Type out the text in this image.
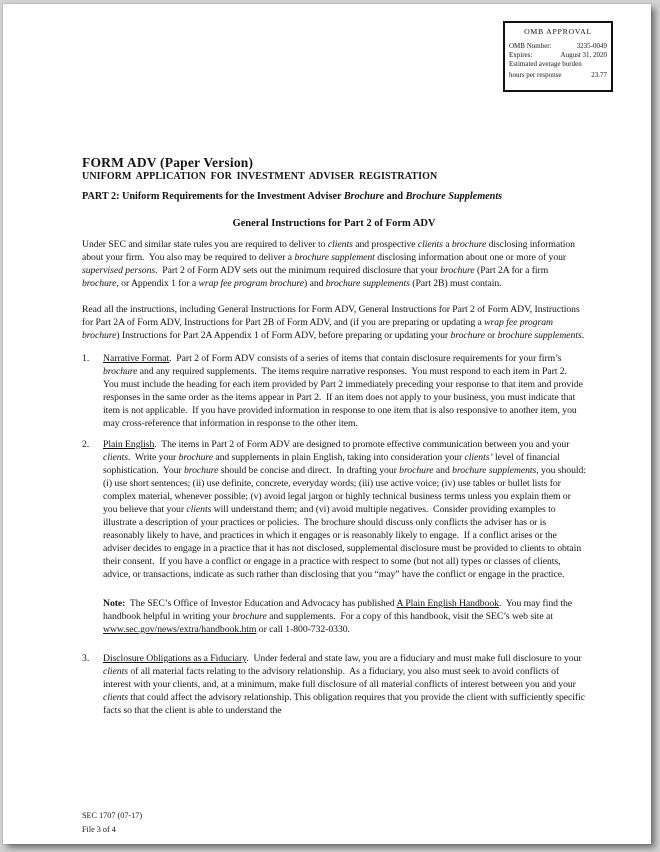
OMB APPROVAL
OMB Number:	3235-0049
Expires:	August 31, 2020
Estimated average burden
hours per response	23.77
FORM ADV (Paper Version)
UNIFORM APPLICATION FOR INVESTMENT ADVISER REGISTRATION
PART 2: Uniform Requirements for the Investment Adviser Brochure and Brochure Supplements
General Instructions for Part 2 of Form ADV
Under SEC and similar state rules you are required to deliver to clients and prospective clients a brochure disclosing information about your firm.  You also may be required to deliver a brochure supplement disclosing information about one or more of your supervised persons.  Part 2 of Form ADV sets out the minimum required disclosure that your brochure (Part 2A for a firm brochure, or Appendix 1 for a wrap fee program brochure) and brochure supplements (Part 2B) must contain.
Read all the instructions, including General Instructions for Form ADV, General Instructions for Part 2 of Form ADV, Instructions for Part 2A of Form ADV, Instructions for Part 2B of Form ADV, and (if you are preparing or updating a wrap fee program brochure) Instructions for Part 2A Appendix 1 of Form ADV, before preparing or updating your brochure or brochure supplements.
1.	Narrative Format.  Part 2 of Form ADV consists of a series of items that contain disclosure requirements for your firm’s brochure and any required supplements.  The items require narrative responses.  You must respond to each item in Part 2.  You must include the heading for each item provided by Part 2 immediately preceding your response to that item and provide responses in the same order as the items appear in Part 2.  If an item does not apply to your business, you must indicate that item is not applicable.  If you have provided information in response to one item that is also responsive to another item, you may cross-reference that information in response to the other item.
2.	Plain English.  The items in Part 2 of Form ADV are designed to promote effective communication between you and your clients.  Write your brochure and supplements in plain English, taking into consideration your clients’ level of financial sophistication.  Your brochure should be concise and direct.  In drafting your brochure and brochure supplements, you should: (i) use short sentences; (ii) use definite, concrete, everyday words; (iii) use active voice; (iv) use tables or bullet lists for complex material, whenever possible; (v) avoid legal jargon or highly technical business terms unless you explain them or you believe that your clients will understand them; and (vi) avoid multiple negatives.  Consider providing examples to illustrate a description of your practices or policies.  The brochure should discuss only conflicts the adviser has or is reasonably likely to have, and practices in which it engages or is reasonably likely to engage.  If a conflict arises or the adviser decides to engage in a practice that it has not disclosed, supplemental disclosure must be provided to clients to obtain their consent.  If you have a conflict or engage in a practice with respect to some (but not all) types or classes of clients, advice, or transactions, indicate as such rather than disclosing that you “may” have the conflict or engage in the practice.
Note:  The SEC’s Office of Investor Education and Advocacy has published A Plain English Handbook.  You may find the handbook helpful in writing your brochure and supplements.  For a copy of this handbook, visit the SEC’s web site at www.sec.gov/news/extra/handbook.htm or call 1-800-732-0330.
3.	Disclosure Obligations as a Fiduciary.  Under federal and state law, you are a fiduciary and must make full disclosure to your clients of all material facts relating to the advisory relationship.  As a fiduciary, you also must seek to avoid conflicts of interest with your clients, and, at a minimum, make full disclosure of all material conflicts of interest between you and your clients that could affect the advisory relationship. This obligation requires that you provide the client with sufficiently specific facts so that the client is able to understand the
SEC 1707 (07-17)
File 3 of 4
